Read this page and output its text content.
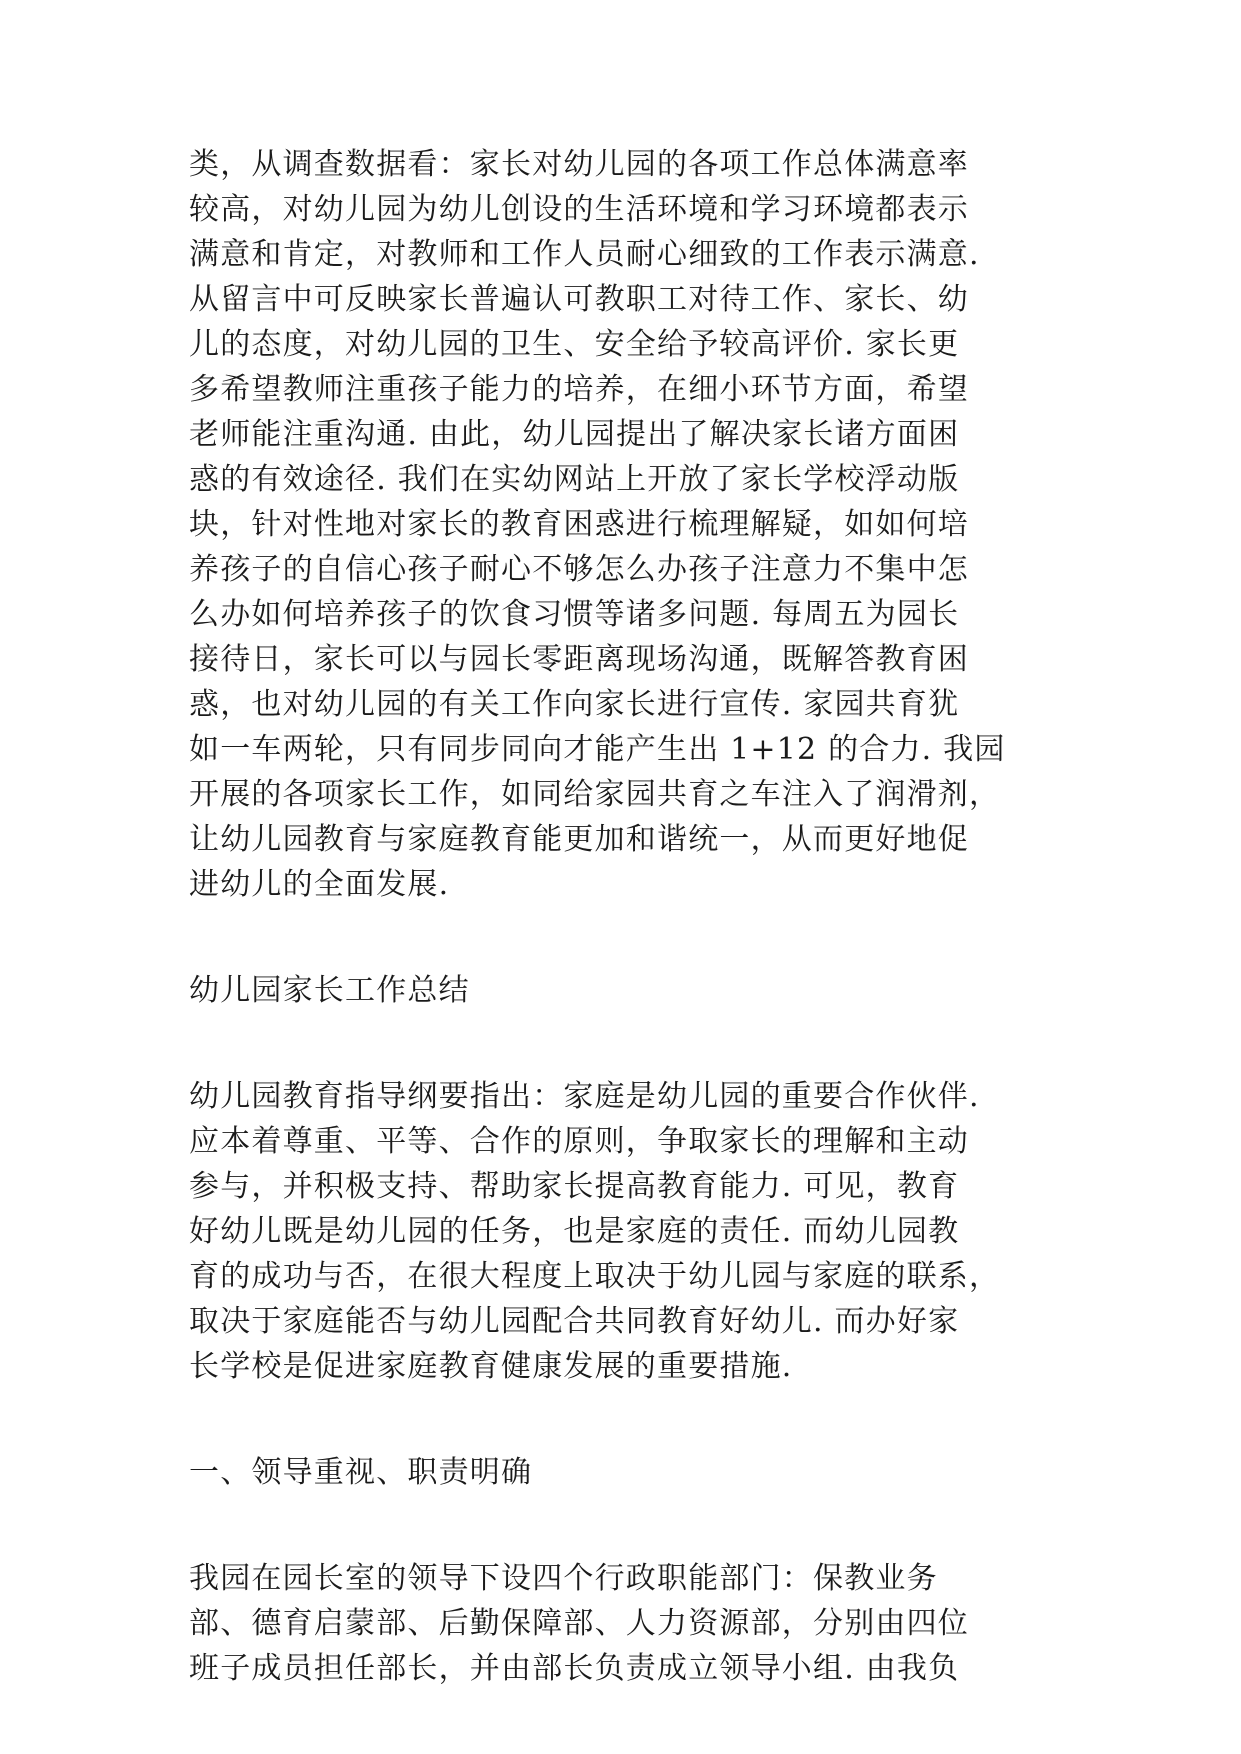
类，从调查数据看：家长对幼儿园的各项工作总体满意率
较高，对幼儿园为幼儿创设的生活环境和学习环境都表示
满意和肯定，对教师和工作人员耐心细致的工作表示满意.
从留言中可反映家长普遍认可教职工对待工作、家长、幼
儿的态度，对幼儿园的卫生、安全给予较高评价. 家长更
多希望教师注重孩子能力的培养，在细小环节方面，希望
老师能注重沟通. 由此，幼儿园提出了解决家长诸方面困
惑的有效途径. 我们在实幼网站上开放了家长学校浮动版
块，针对性地对家长的教育困惑进行梳理解疑，如如何培
养孩子的自信心孩子耐心不够怎么办孩子注意力不集中怎
么办如何培养孩子的饮食习惯等诸多问题. 每周五为园长
接待日，家长可以与园长零距离现场沟通，既解答教育困
惑，也对幼儿园的有关工作向家长进行宣传. 家园共育犹
如一车两轮，只有同步同向才能产生出 1+12 的合力. 我园
开展的各项家长工作，如同给家园共育之车注入了润滑剂，
让幼儿园教育与家庭教育能更加和谐统一，从而更好地促
进幼儿的全面发展.
幼儿园家长工作总结
幼儿园教育指导纲要指出：家庭是幼儿园的重要合作伙伴.
应本着尊重、平等、合作的原则，争取家长的理解和主动
参与，并积极支持、帮助家长提高教育能力. 可见，教育
好幼儿既是幼儿园的任务，也是家庭的责任. 而幼儿园教
育的成功与否，在很大程度上取决于幼儿园与家庭的联系，
取决于家庭能否与幼儿园配合共同教育好幼儿. 而办好家
长学校是促进家庭教育健康发展的重要措施.
一、领导重视、职责明确
我园在园长室的领导下设四个行政职能部门：保教业务
部、德育启蒙部、后勤保障部、人力资源部，分别由四位
班子成员担任部长，并由部长负责成立领导小组. 由我负
